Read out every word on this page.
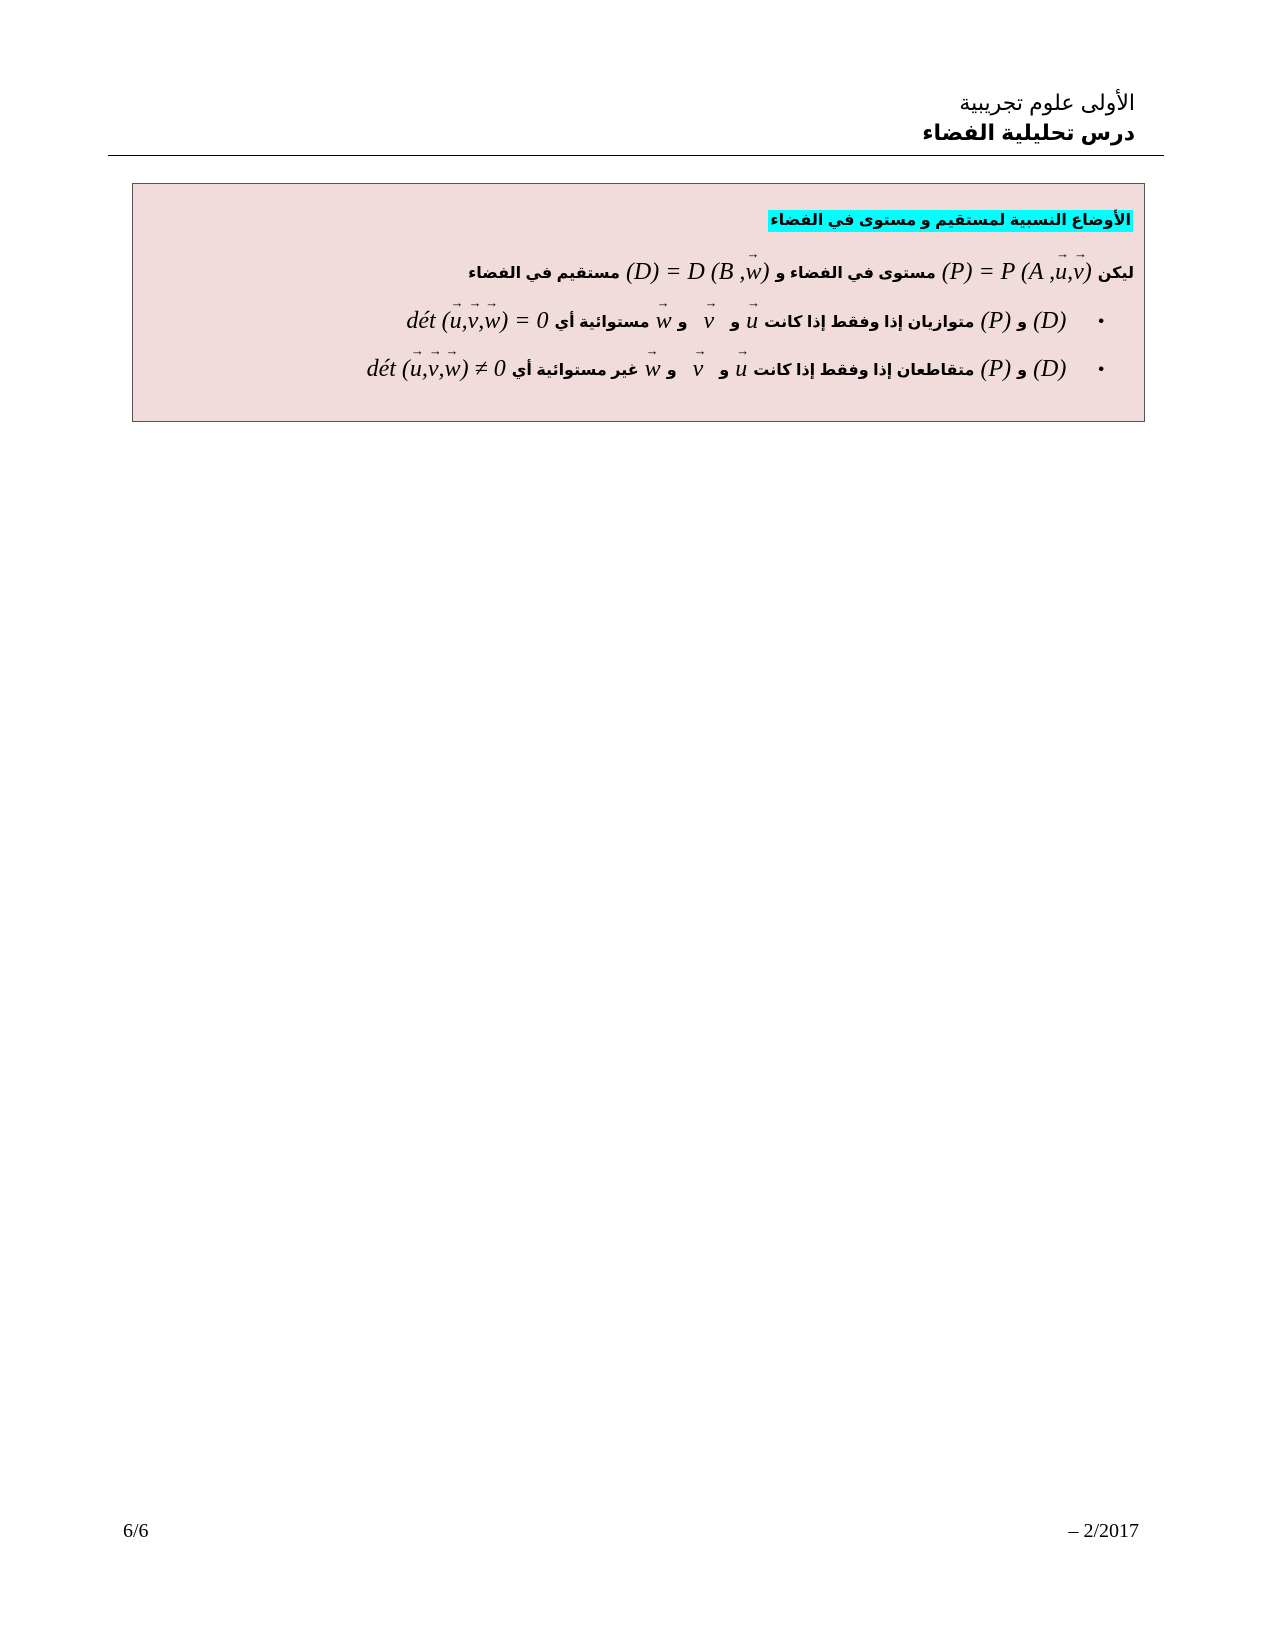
الأولى علوم تجريبية
درس تحليلية الفضاء
الأوضاع النسبية لمستقيم و مستوى في الفضاء
ليكن
(P) = P (A ,u →,v →)
مستوى في الفضاء و
(D) = D (B ,w →)
مستقيم في الفضاء
•
(D)
و
(P)
متوازيان إذا وفقط إذا كانت
u →
و
v →
و
w →
مستوائية أي
dét (u →,v →,w →) = 0
•
(D)
و
(P)
متقاطعان إذا وفقط إذا كانت
u →
و
v →
و
w →
غير مستوائية أي
dét (u →,v →,w →) ≠ 0
6/6	– 2/2017
